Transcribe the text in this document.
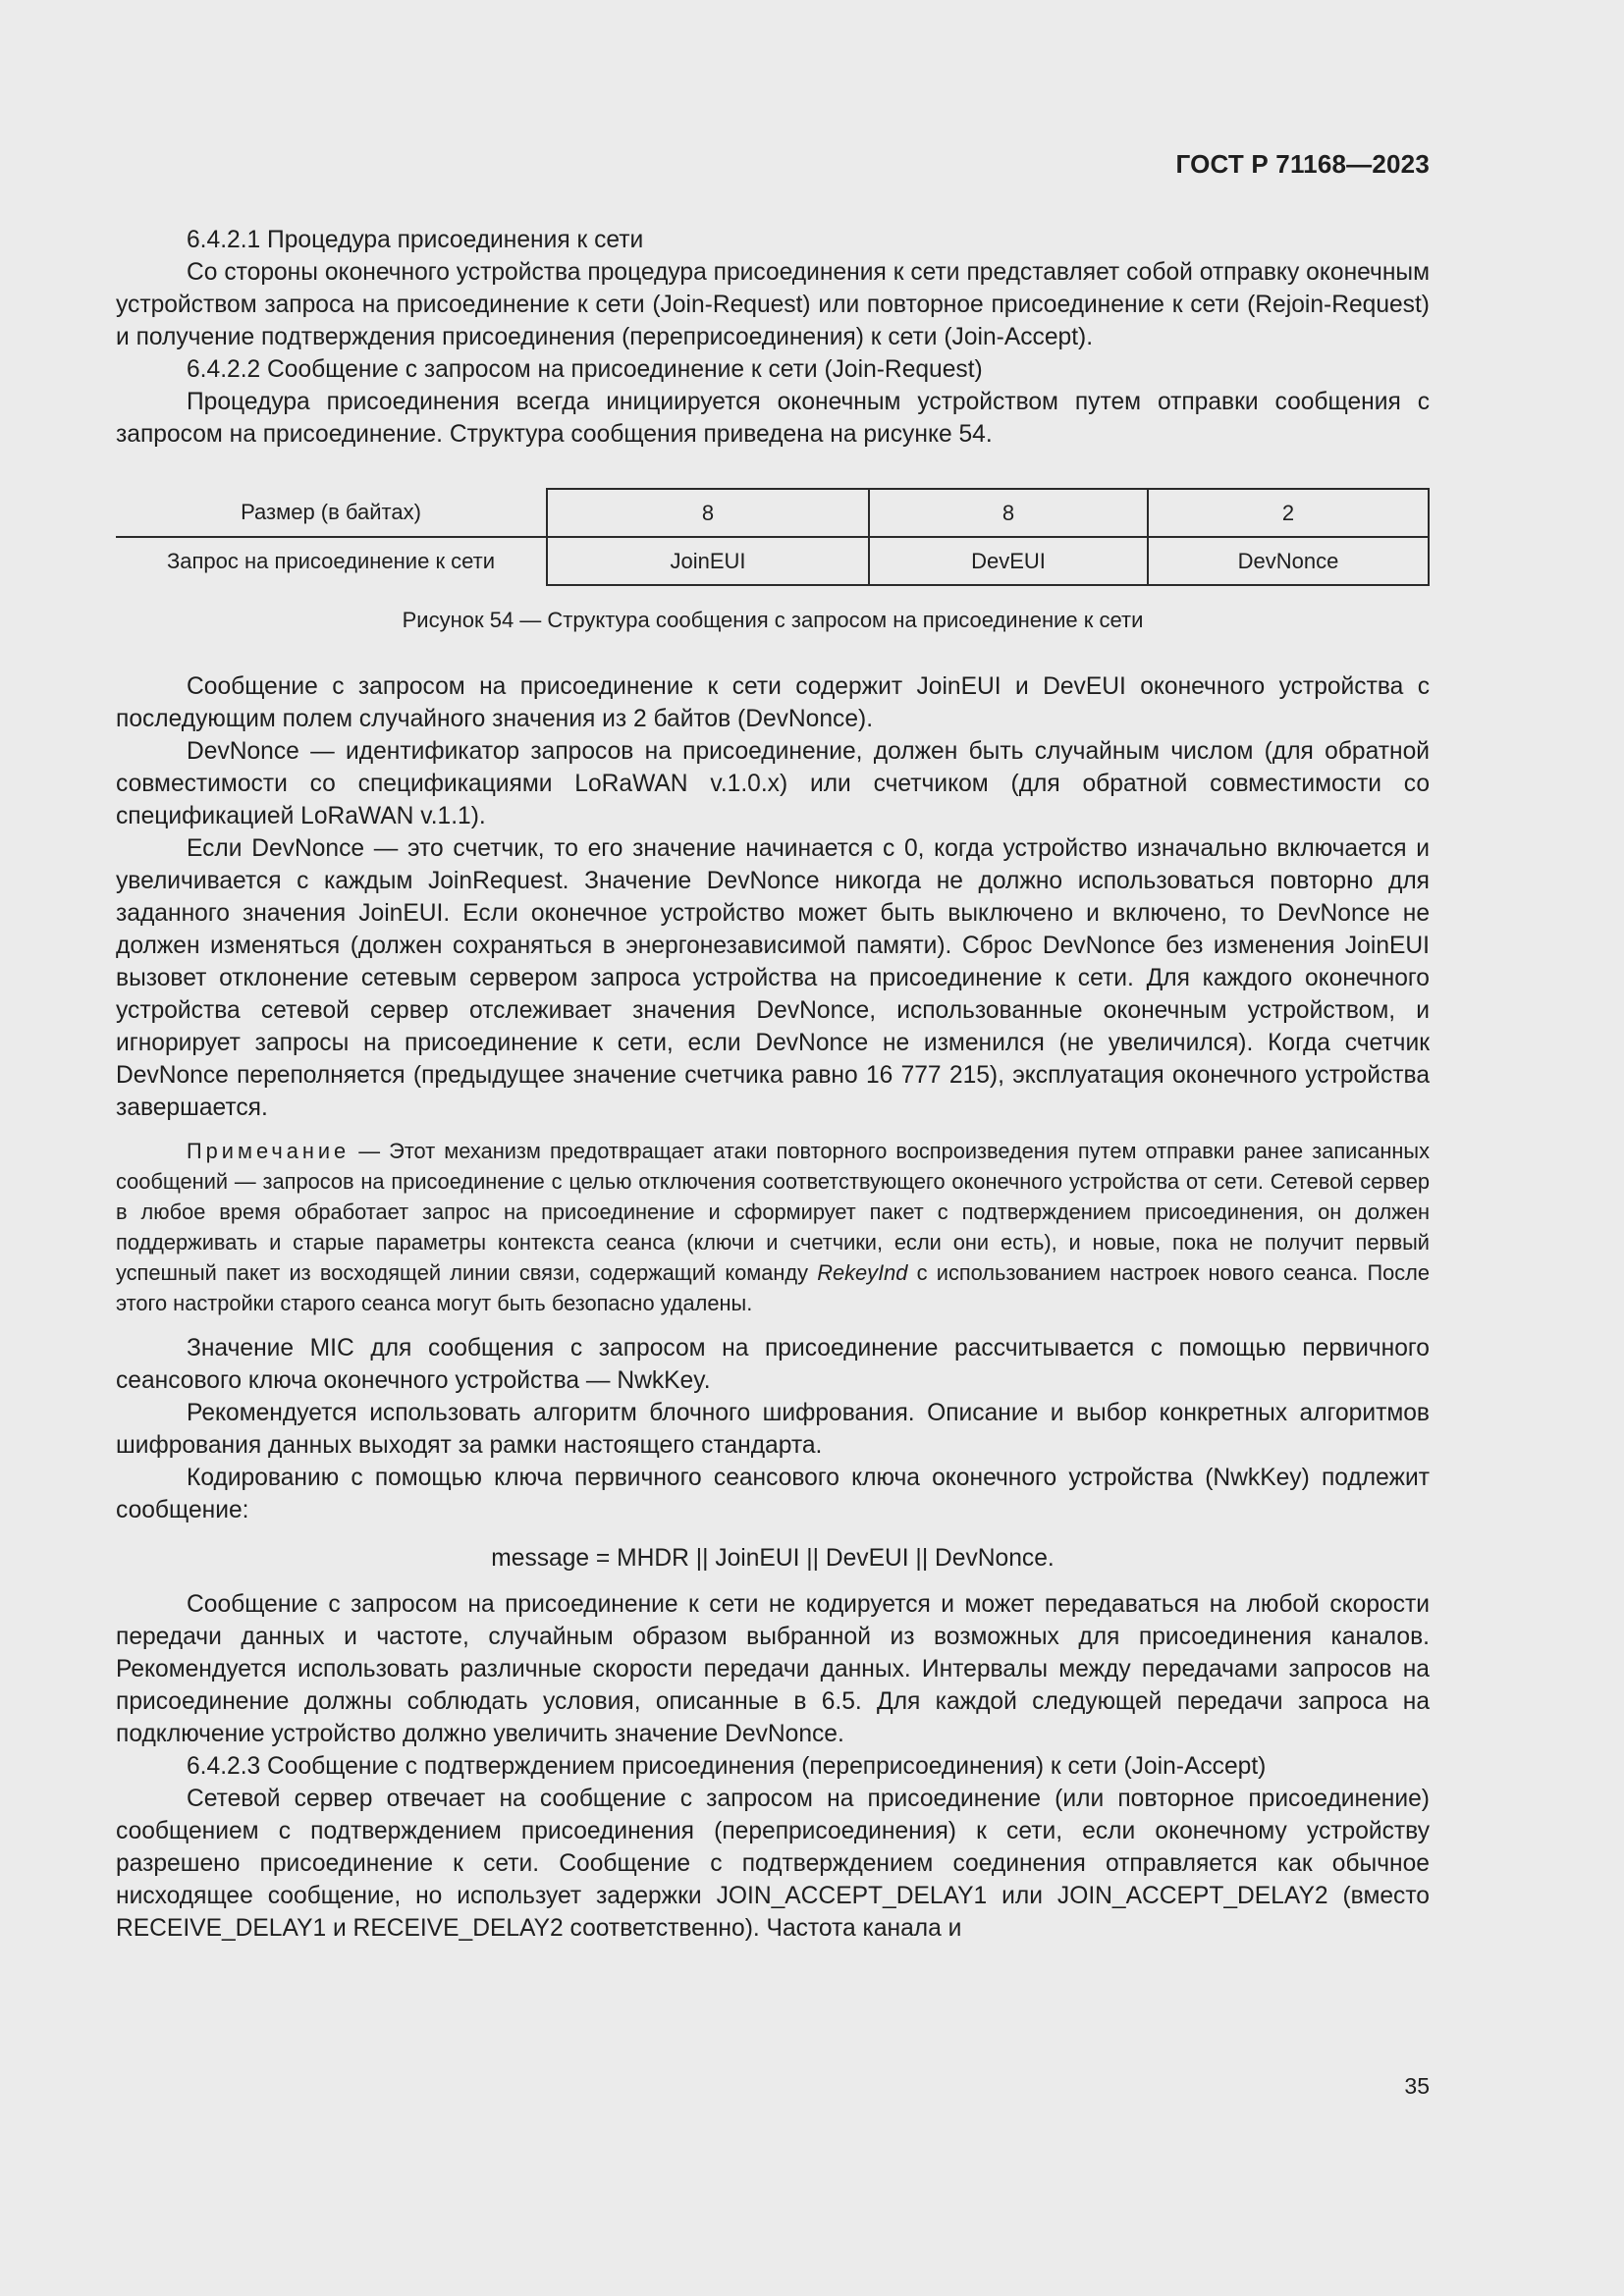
ГОСТ Р 71168—2023

6.4.2.1 Процедура присоединения к сети

Со стороны оконечного устройства процедура присоединения к сети представляет собой отправку оконечным устройством запроса на присоединение к сети (Join-Request) или повторное присоединение к сети (Rejoin-Request) и получение подтверждения присоединения (переприсоединения) к сети (Join-Accept).

6.4.2.2 Сообщение с запросом на присоединение к сети (Join-Request)

Процедура присоединения всегда инициируется оконечным устройством путем отправки сообщения с запросом на присоединение. Структура сообщения приведена на рисунке 54.

Размер (в байтах)	8	8	2
Запрос на присоединение к сети	JoinEUI	DevEUI	DevNonce
Рисунок 54 — Структура сообщения с запросом на присоединение к сети

Сообщение с запросом на присоединение к сети содержит JoinEUI и DevEUI оконечного устройства с последующим полем случайного значения из 2 байтов (DevNonce).

DevNonce — идентификатор запросов на присоединение, должен быть случайным числом (для обратной совместимости со спецификациями LoRaWAN v.1.0.x) или счетчиком (для обратной совместимости со спецификацией LoRaWAN v.1.1).

Если DevNonce — это счетчик, то его значение начинается с 0, когда устройство изначально включается и увеличивается с каждым JoinRequest. Значение DevNonce никогда не должно использоваться повторно для заданного значения JoinEUI. Если оконечное устройство может быть выключено и включено, то DevNonce не должен изменяться (должен сохраняться в энергонезависимой памяти). Сброс DevNonce без изменения JoinEUI вызовет отклонение сетевым сервером запроса устройства на присоединение к сети. Для каждого оконечного устройства сетевой сервер отслеживает значения DevNonce, использованные оконечным устройством, и игнорирует запросы на присоединение к сети, если DevNonce не изменился (не увеличился). Когда счетчик DevNonce переполняется (предыдущее значение счетчика равно 16 777 215), эксплуатация оконечного устройства завершается.

Примечание — Этот механизм предотвращает атаки повторного воспроизведения путем отправки ранее записанных сообщений — запросов на присоединение с целью отключения соответствующего оконечного устройства от сети. Сетевой сервер в любое время обработает запрос на присоединение и сформирует пакет с подтверждением присоединения, он должен поддерживать и старые параметры контекста сеанса (ключи и счетчики, если они есть), и новые, пока не получит первый успешный пакет из восходящей линии связи, содержащий команду RekeyInd с использованием настроек нового сеанса. После этого настройки старого сеанса могут быть безопасно удалены.

Значение MIC для сообщения с запросом на присоединение рассчитывается с помощью первичного сеансового ключа оконечного устройства — NwkKey.

Рекомендуется использовать алгоритм блочного шифрования. Описание и выбор конкретных алгоритмов шифрования данных выходят за рамки настоящего стандарта.

Кодированию с помощью ключа первичного сеансового ключа оконечного устройства (NwkKey) подлежит сообщение:

message = MHDR || JoinEUI || DevEUI || DevNonce.

Сообщение с запросом на присоединение к сети не кодируется и может передаваться на любой скорости передачи данных и частоте, случайным образом выбранной из возможных для присоединения каналов. Рекомендуется использовать различные скорости передачи данных. Интервалы между передачами запросов на присоединение должны соблюдать условия, описанные в 6.5. Для каждой следующей передачи запроса на подключение устройство должно увеличить значение DevNonce.

6.4.2.3 Сообщение с подтверждением присоединения (переприсоединения) к сети (Join-Accept)

Сетевой сервер отвечает на сообщение с запросом на присоединение (или повторное присоединение) сообщением с подтверждением присоединения (переприсоединения) к сети, если оконечному устройству разрешено присоединение к сети. Сообщение с подтверждением соединения отправляется как обычное нисходящее сообщение, но использует задержки JOIN_ACCEPT_DELAY1 или JOIN_ACCEPT_DELAY2 (вместо RECEIVE_DELAY1 и RECEIVE_DELAY2 соответственно). Частота канала и

35
